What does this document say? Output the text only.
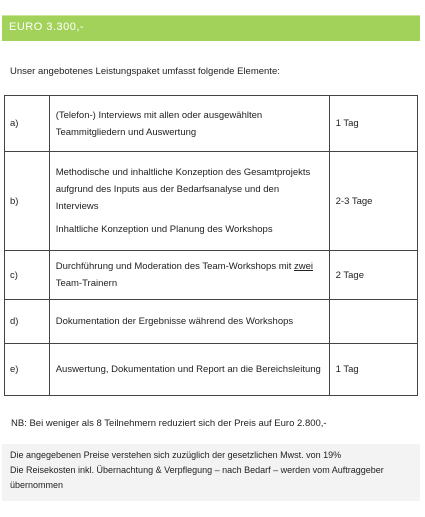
EURO 3.300,-
Unser angebotenes Leistungspaket umfasst folgende Elemente:
a)	(Telefon-) Interviews mit allen oder ausgewählten Teammitgliedern und Auswertung	1 Tag
b)	Methodische und inhaltliche Konzeption des Gesamtprojekts aufgrund des Inputs aus der Bedarfsanalyse und den Interviews

Inhaltliche Konzeption und Planung des Workshops	2-3 Tage
c)	Durchführung und Moderation des Team-Workshops mit zwei Team-Trainern	2 Tage
d)	Dokumentation der Ergebnisse während des Workshops	

e)	Auswertung, Dokumentation und Report an die Bereichsleitung	1 Tag
NB: Bei weniger als 8 Teilnehmern reduziert sich der Preis auf Euro 2.800,-
Die angegebenen Preise verstehen sich zuzüglich der gesetzlichen Mwst. von 19%
Die Reisekosten inkl. Übernachtung & Verpflegung – nach Bedarf – werden vom Auftraggeber übernommen
